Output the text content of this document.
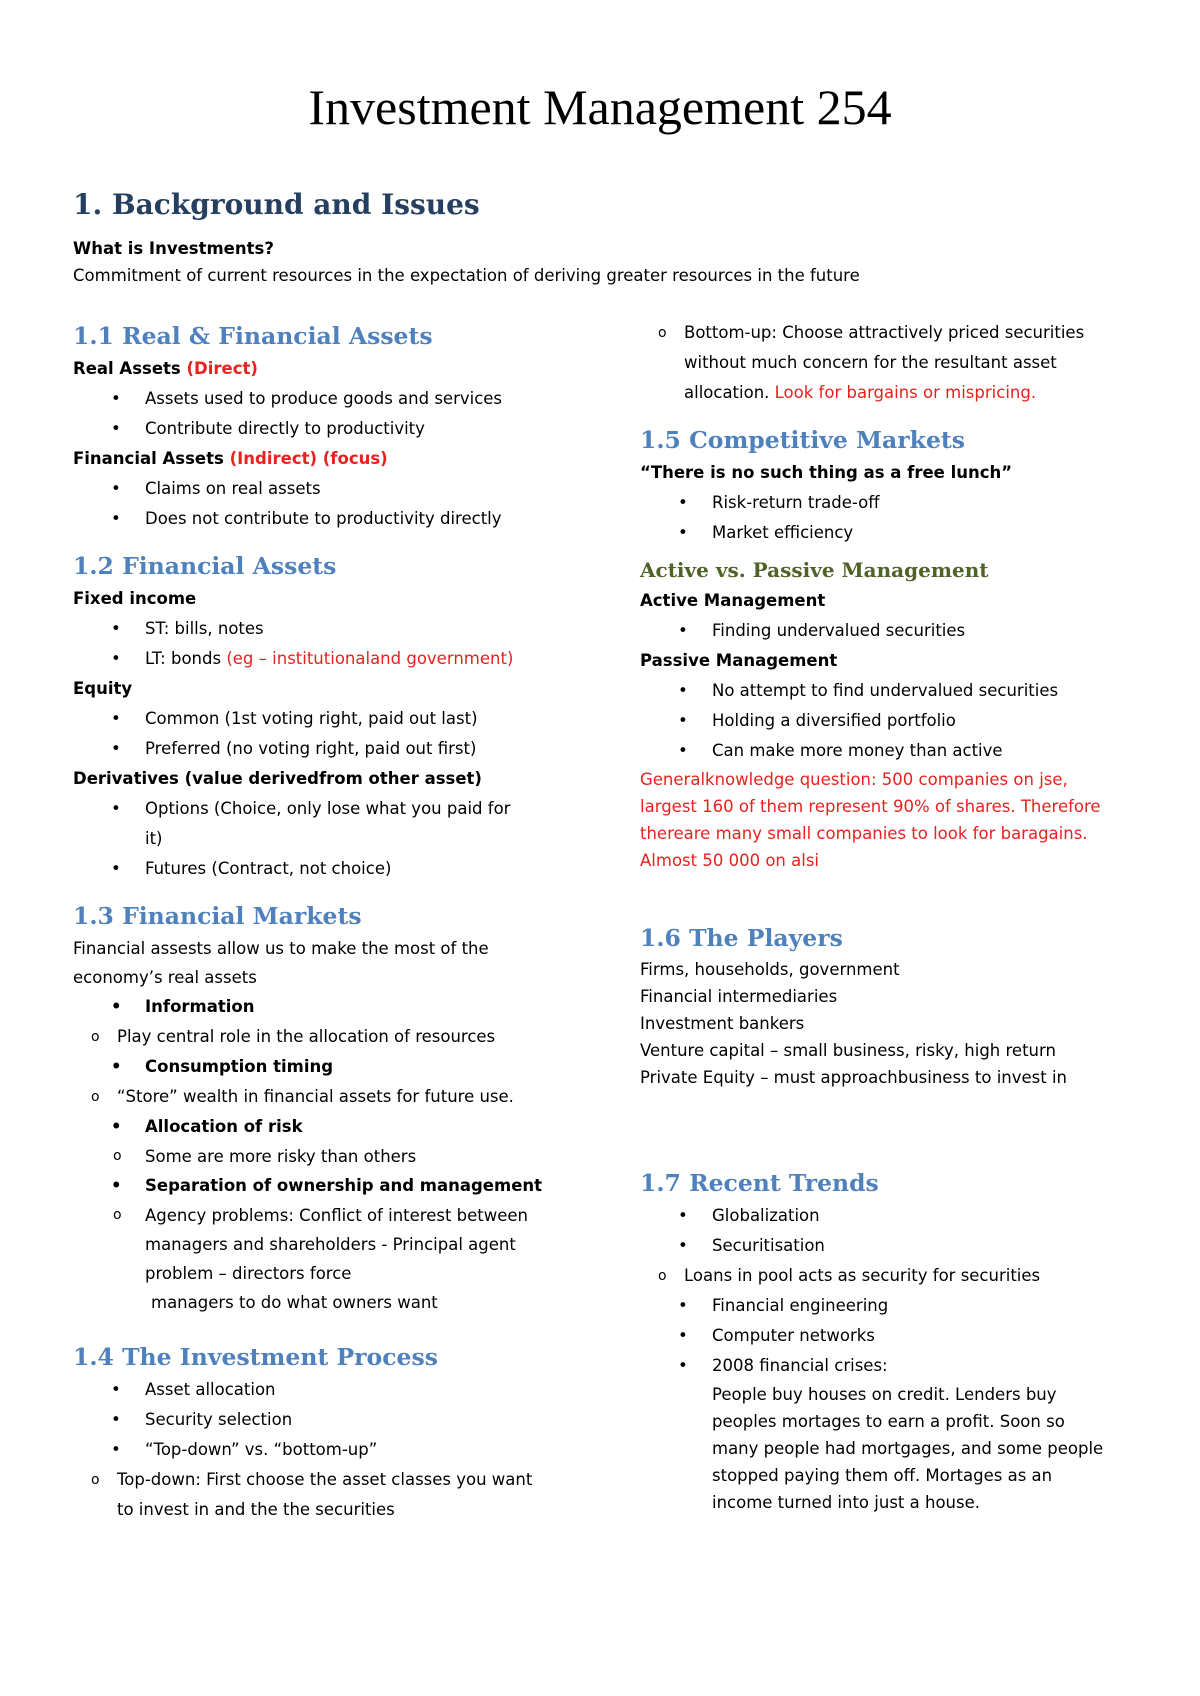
Investment Management 254
1. Background and Issues
What is Investments?
Commitment of current resources in the expectation of deriving greater resources in the future
1.1 Real & Financial Assets
Real Assets (Direct)
• Assets used to produce goods and services
• Contribute directly to productivity
Financial Assets (Indirect) (focus)
• Claims on real assets
• Does not contribute to productivity directly
1.2 Financial Assets
Fixed income
• ST: bills, notes
• LT: bonds (eg – institutionaland government)
Equity
• Common (1st voting right, paid out last)
• Preferred (no voting right, paid out first)
Derivatives (value derivedfrom other asset)
• Options (Choice, only lose what you paid for it)
• Futures (Contract, not choice)
1.3 Financial Markets
Financial assests allow us to make the most of the economy’s real assets
• Information
o Play central role in the allocation of resources
• Consumption timing
o “Store” wealth in financial assets for future use.
• Allocation of risk
o Some are more risky than others
• Separation of ownership and management
o Agency problems: Conflict of interest between managers and shareholders - Principal agent problem – directors force
managers to do what owners want
1.4 The Investment Process
• Asset allocation
• Security selection
• “Top-down” vs. “bottom-up”
o Top-down: First choose the asset classes you want to invest in and the the securities
o Bottom-up: Choose attractively priced securities without much concern for the resultant asset allocation. Look for bargains or mispricing.
1.5 Competitive Markets
“There is no such thing as a free lunch”
• Risk-return trade-off
• Market efficiency
Active vs. Passive Management
Active Management
• Finding undervalued securities
Passive Management
• No attempt to find undervalued securities
• Holding a diversified portfolio
• Can make more money than active
Generalknowledge question: 500 companies on jse, largest 160 of them represent 90% of shares. Therefore thereare many small companies to look for baragains. Almost 50 000 on alsi
1.6 The Players
Firms, households, government
Financial intermediaries
Investment bankers
Venture capital – small business, risky, high return
Private Equity – must approachbusiness to invest in
1.7 Recent Trends
• Globalization
• Securitisation
o Loans in pool acts as security for securities
• Financial engineering
• Computer networks
• 2008 financial crises:
People buy houses on credit. Lenders buy peoples mortages to earn a profit. Soon so many people had mortgages, and some people stopped paying them off. Mortages as an income turned into just a house.
